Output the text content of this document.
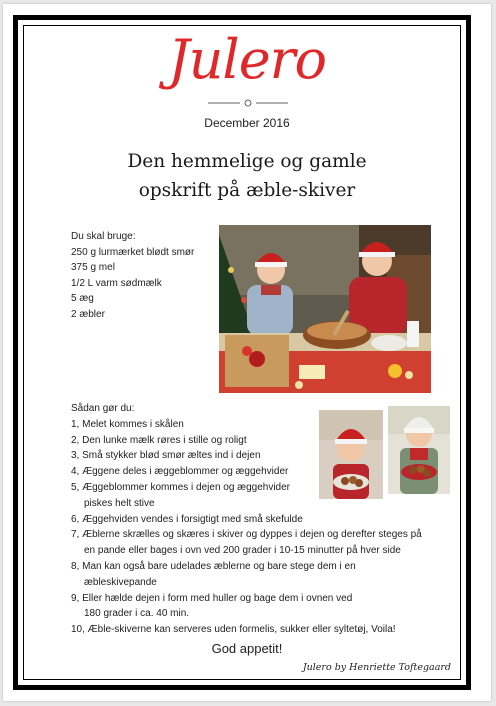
Julero
December 2016
Den hemmelige og gamle
opskrift på æble-skiver
Du skal bruge:
250 g lurmærket blødt smør
375 g mel
1/2 L varm sødmælk
5 æg
2 æbler
Sådan gør du:
1, Melet kommes i skålen
2, Den lunke mælk røres i stille og roligt
3, Små stykker blød smør æltes ind i dejen
4, Æggene deles i æggeblommer og æggehvider
5, Æggeblommer kommes i dejen og æggehvider
piskes helt stive
6, Æggehviden vendes i forsigtigt med små skefulde
7, Æblerne skrælles og skæres i skiver og dyppes i dejen og derefter steges på
en pande eller bages i ovn ved 200 grader i 10-15 minutter på hver side
8, Man kan også bare udelades æblerne og bare stege dem i en
æbleskivepande
9, Eller hælde dejen i form med huller og bage dem i ovnen ved
180 grader i ca. 40 min.
10, Æble-skiverne kan serveres uden formelis, sukker eller syltetøj, Voila!
God appetit!
Julero by Henriette Toftegaard
